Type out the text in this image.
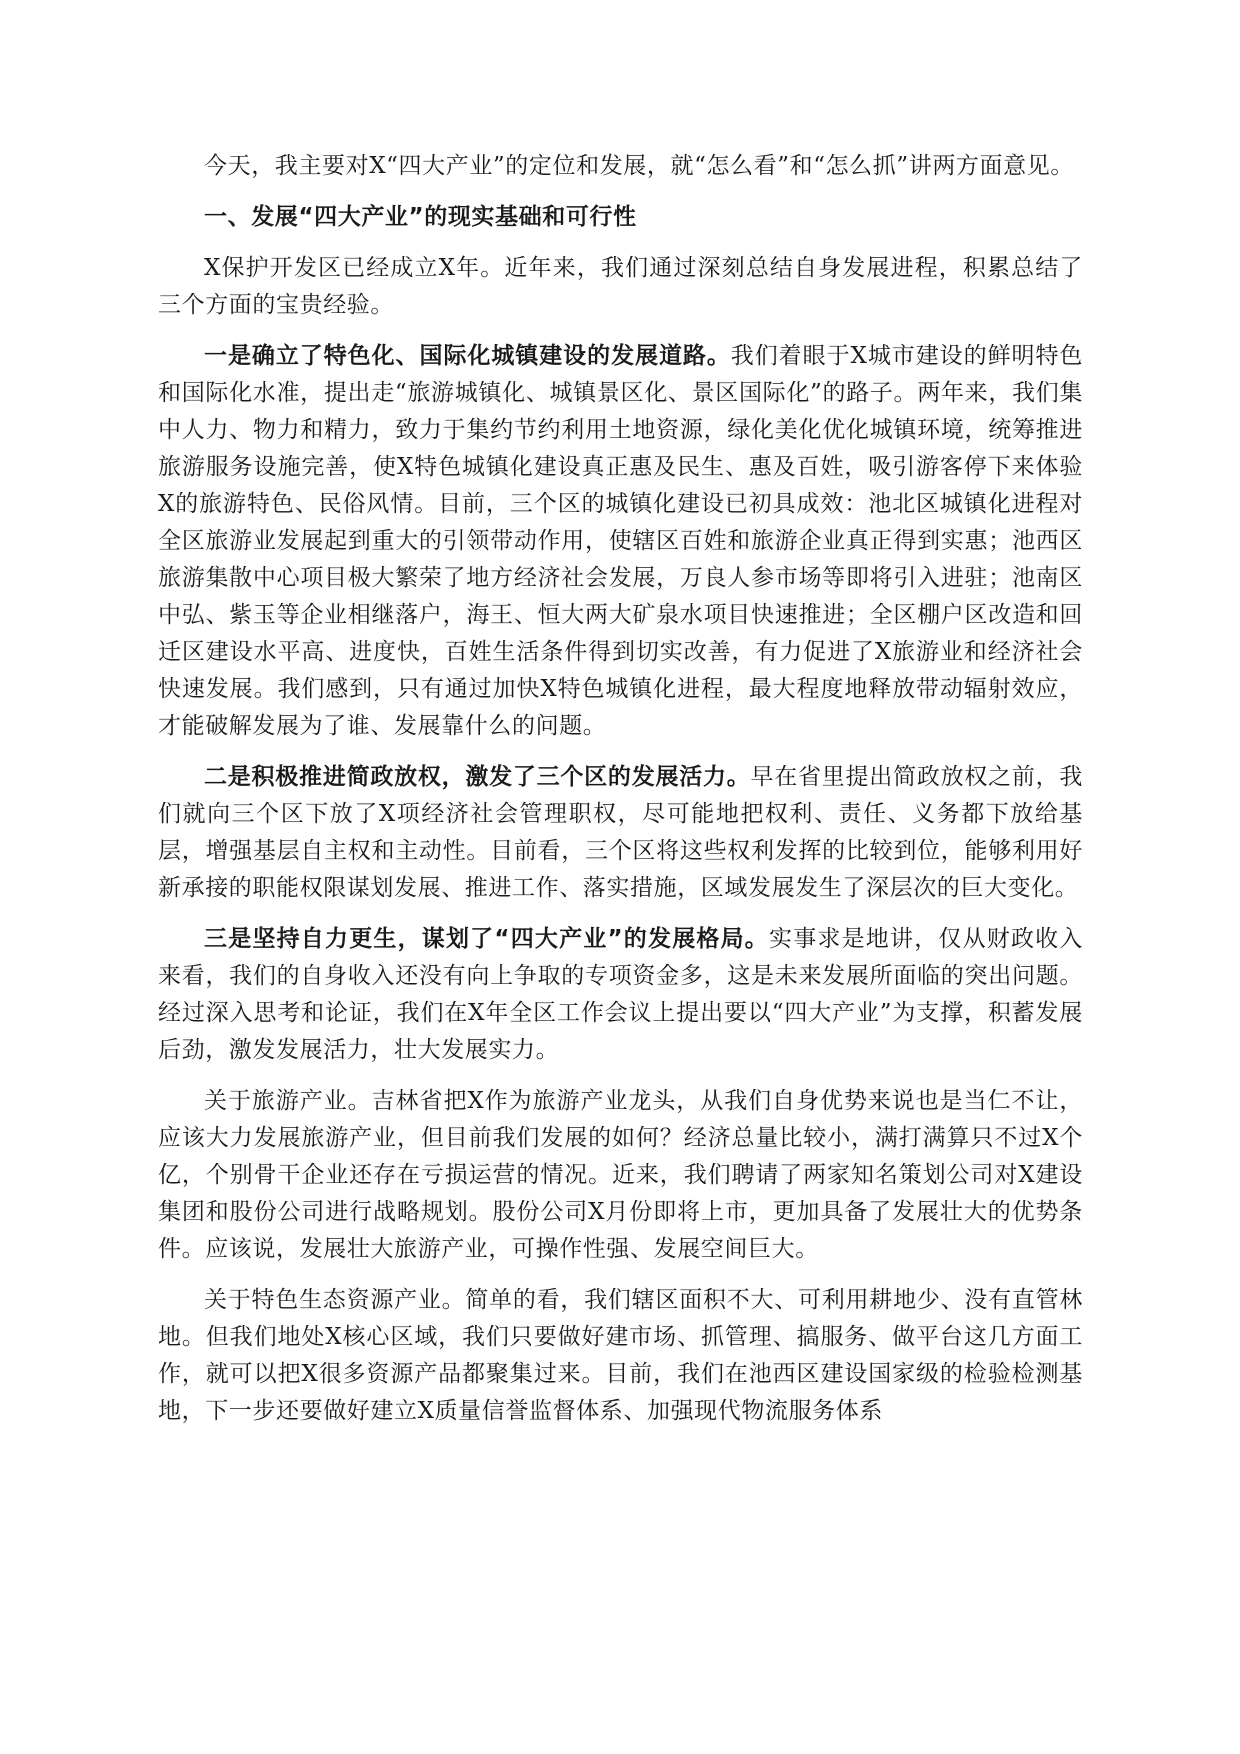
今天，我主要对X“四大产业”的定位和发展，就“怎么看”和“怎么抓”讲两方面意见。

一、发展“四大产业”的现实基础和可行性

X保护开发区已经成立X年。近年来，我们通过深刻总结自身发展进程，积累总结了三个方面的宝贵经验。

一是确立了特色化、国际化城镇建设的发展道路。我们着眼于X城市建设的鲜明特色和国际化水准，提出走“旅游城镇化、城镇景区化、景区国际化”的路子。两年来，我们集中人力、物力和精力，致力于集约节约利用土地资源，绿化美化优化城镇环境，统筹推进旅游服务设施完善，使X特色城镇化建设真正惠及民生、惠及百姓，吸引游客停下来体验X的旅游特色、民俗风情。目前，三个区的城镇化建设已初具成效：池北区城镇化进程对全区旅游业发展起到重大的引领带动作用，使辖区百姓和旅游企业真正得到实惠；池西区旅游集散中心项目极大繁荣了地方经济社会发展，万良人参市场等即将引入进驻；池南区中弘、紫玉等企业相继落户，海王、恒大两大矿泉水项目快速推进；全区棚户区改造和回迁区建设水平高、进度快，百姓生活条件得到切实改善，有力促进了X旅游业和经济社会快速发展。我们感到，只有通过加快X特色城镇化进程，最大程度地释放带动辐射效应，才能破解发展为了谁、发展靠什么的问题。

二是积极推进简政放权，激发了三个区的发展活力。早在省里提出简政放权之前，我们就向三个区下放了X项经济社会管理职权，尽可能地把权利、责任、义务都下放给基层，增强基层自主权和主动性。目前看，三个区将这些权利发挥的比较到位，能够利用好新承接的职能权限谋划发展、推进工作、落实措施，区域发展发生了深层次的巨大变化。

三是坚持自力更生，谋划了“四大产业”的发展格局。实事求是地讲，仅从财政收入来看，我们的自身收入还没有向上争取的专项资金多，这是未来发展所面临的突出问题。经过深入思考和论证，我们在X年全区工作会议上提出要以“四大产业”为支撑，积蓄发展后劲，激发发展活力，壮大发展实力。

关于旅游产业。吉林省把X作为旅游产业龙头，从我们自身优势来说也是当仁不让，应该大力发展旅游产业，但目前我们发展的如何？经济总量比较小，满打满算只不过X个亿，个别骨干企业还存在亏损运营的情况。近来，我们聘请了两家知名策划公司对X建设集团和股份公司进行战略规划。股份公司X月份即将上市，更加具备了发展壮大的优势条件。应该说，发展壮大旅游产业，可操作性强、发展空间巨大。

关于特色生态资源产业。简单的看，我们辖区面积不大、可利用耕地少、没有直管林地。但我们地处X核心区域，我们只要做好建市场、抓管理、搞服务、做平台这几方面工作，就可以把X很多资源产品都聚集过来。目前，我们在池西区建设国家级的检验检测基地，下一步还要做好建立X质量信誉监督体系、加强现代物流服务体系
